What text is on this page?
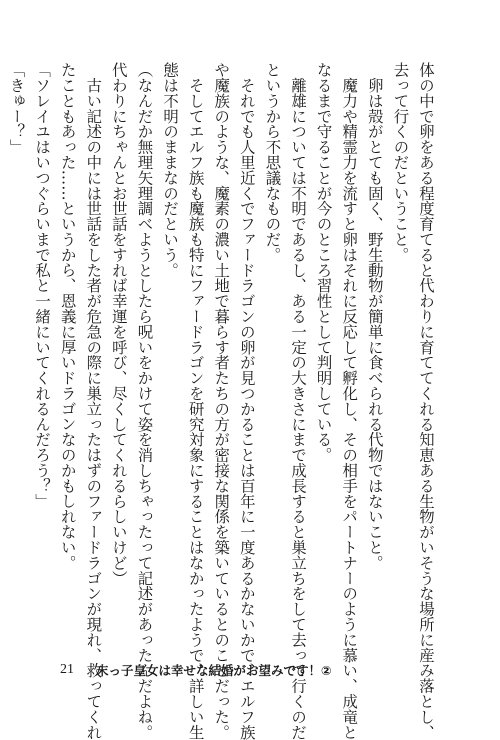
体の中で卵をある程度育てると代わりに育ててくれる知恵ある生物がいそうな場所に産み落とし、
去って行くのだということ。
　卵は殻がとても固く、野生動物が簡単に食べられる代物ではないこと。
　魔力や精霊力を流すと卵はそれに反応して孵化し、その相手をパートナーのように慕い、成竜と
なるまで守ることが今のところ習性として判明している。
　離雄については不明であるし、ある一定の大きさにまで成長すると巣立ちをして去って行くのだ
というから不思議なものだ。
　それでも人里近くでファードラゴンの卵が見つかることは百年に一度あるかないかで、エルフ族
や魔族のような、魔素の濃い土地で暮らす者たちの方が密接な関係を築いているとのことだった。
　そしてエルフ族も魔族も特にファードラゴンを研究対象にすることはなかったようで、詳しい生
態は不明のままなのだという。
（なんだか無理矢理調べようとしたら呪いをかけて姿を消しちゃったって記述があったんだよね。
代わりにちゃんとお世話をすれば幸運を呼び、尽くしてくれるらしいけど）
　古い記述の中には世話をした者が危急の際に巣立ったはずのファードラゴンが現れ、救ってくれ
たこともあった……というから、恩義に厚いドラゴンなのかもしれない。
「ソレイユはいつぐらいまで私と一緒にいてくれるんだろう？」
「きゅー？」
21 末っ子皇女は幸せな結婚がお望みです！②
